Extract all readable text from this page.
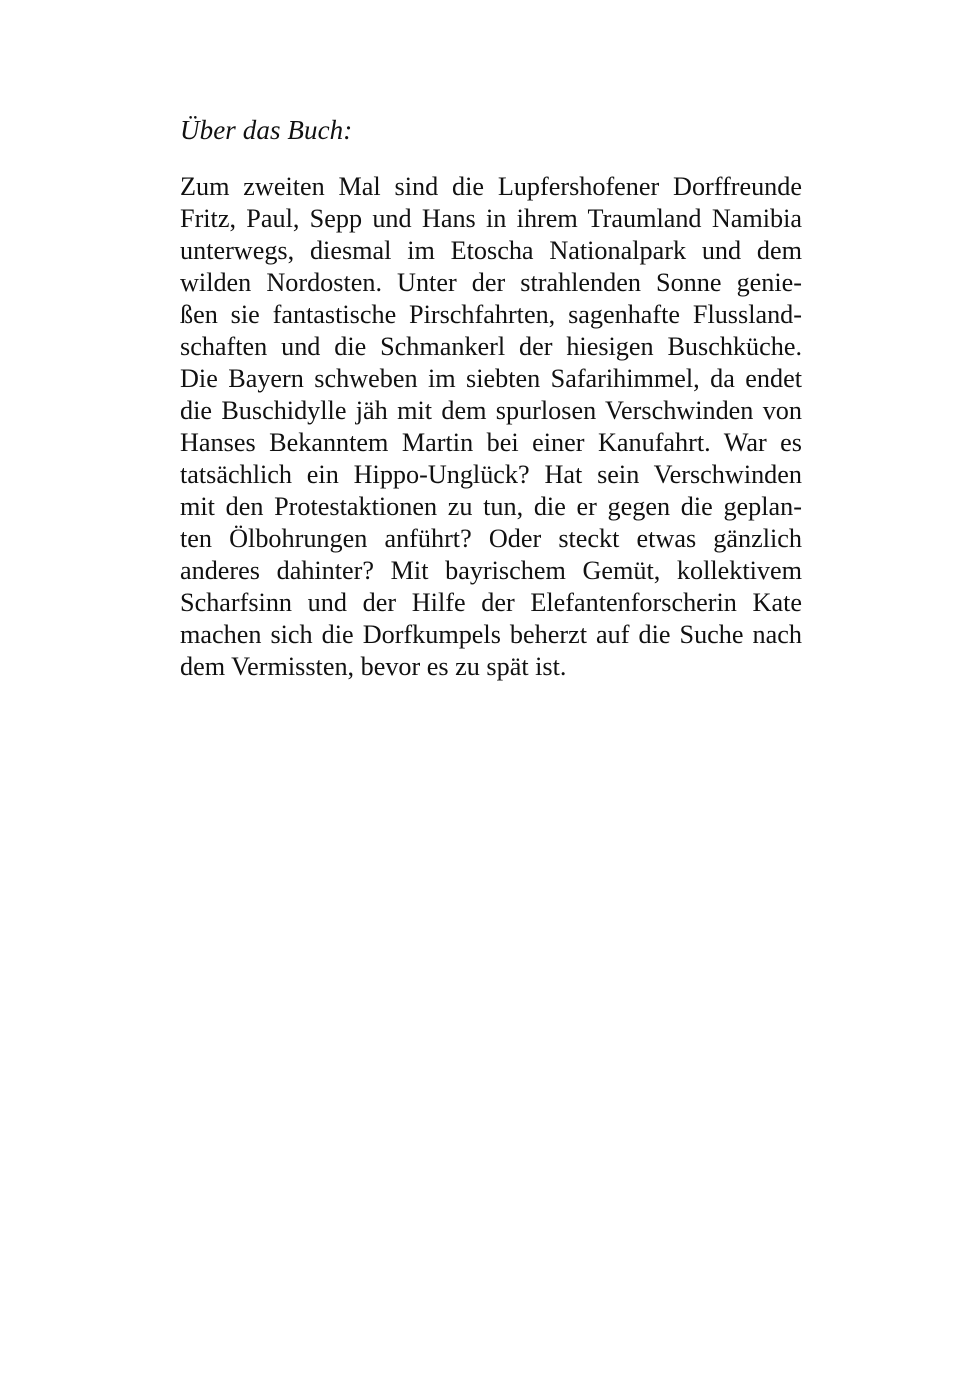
Über das Buch:

Zum zweiten Mal sind die Lupfershofener Dorffreunde
Fritz, Paul, Sepp und Hans in ihrem Traumland Namibia
unterwegs, diesmal im Etoscha Nationalpark und dem
wilden Nordosten. Unter der strahlenden Sonne genie-
ßen sie fantastische Pirschfahrten, sagenhafte Flussland-
schaften und die Schmankerl der hiesigen Buschküche.
Die Bayern schweben im siebten Safarihimmel, da endet
die Buschidylle jäh mit dem spurlosen Verschwinden von
Hanses Bekanntem Martin bei einer Kanufahrt. War es
tatsächlich ein Hippo-Unglück? Hat sein Verschwinden
mit den Protestaktionen zu tun, die er gegen die geplan-
ten Ölbohrungen anführt? Oder steckt etwas gänzlich
anderes dahinter? Mit bayrischem Gemüt, kollektivem
Scharfsinn und der Hilfe der Elefantenforscherin Kate
machen sich die Dorfkumpels beherzt auf die Suche nach
dem Vermissten, bevor es zu spät ist.
